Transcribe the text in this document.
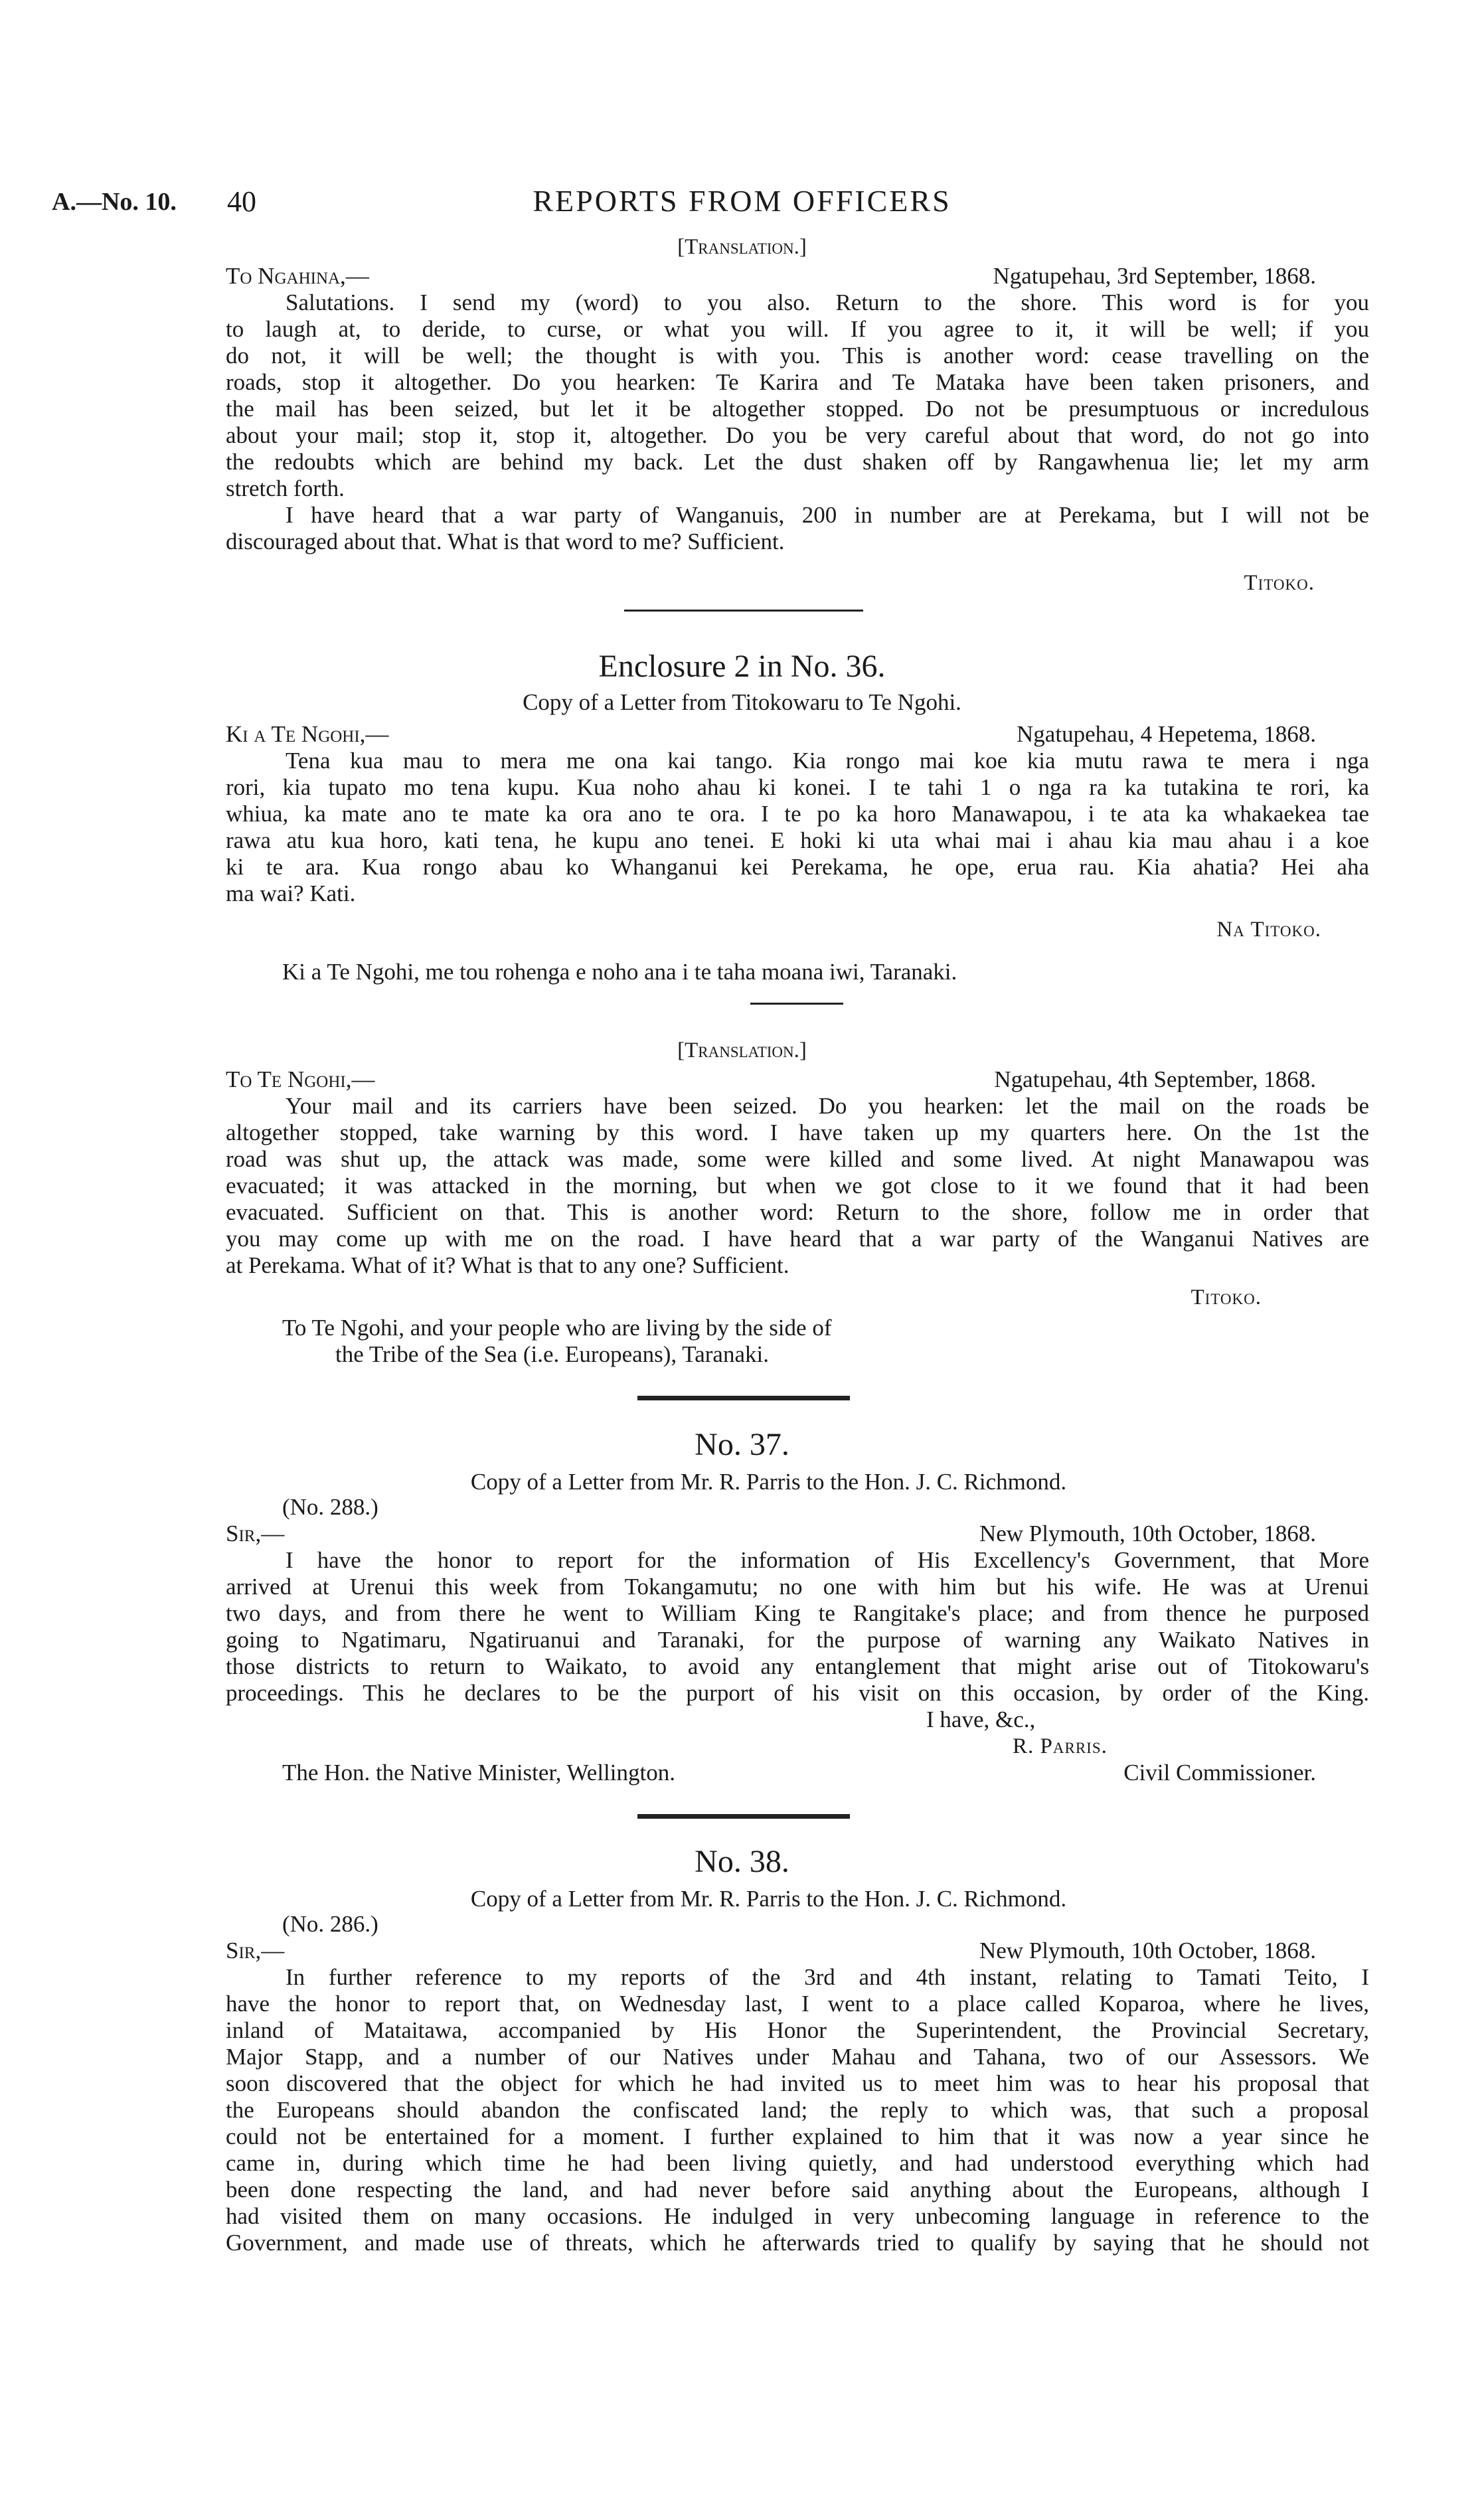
A.—No. 10. 40	REPORTS FROM OFFICERS
[Translation.]
To Ngahina,—	Ngatupehau, 3rd September, 1868.
Salutations. I send my (word) to you also. Return to the shore. This word is for you
to laugh at, to deride, to curse, or what you will. If you agree to it, it will be well; if you
do not, it will be well; the thought is with you. This is another word: cease travelling on the
roads, stop it altogether. Do you hearken: Te Karira and Te Mataka have been taken prisoners, and
the mail has been seized, but let it be altogether stopped. Do not be presumptuous or incredulous
about your mail; stop it, stop it, altogether. Do you be very careful about that word, do not go into
the redoubts which are behind my back. Let the dust shaken off by Rangawhenua lie; let my arm
stretch forth.
I have heard that a war party of Wanganuis, 200 in number are at Perekama, but I will not be
discouraged about that. What is that word to me? Sufficient.
Titoko.
Enclosure 2 in No. 36.
Copy of a Letter from Titokowaru to Te Ngohi.
Ki a Te Ngohi,—	Ngatupehau, 4 Hepetema, 1868.
Tena kua mau to mera me ona kai tango. Kia rongo mai koe kia mutu rawa te mera i nga
rori, kia tupato mo tena kupu. Kua noho ahau ki konei. I te tahi 1 o nga ra ka tutakina te rori, ka
whiua, ka mate ano te mate ka ora ano te ora. I te po ka horo Manawapou, i te ata ka whakaekea tae
rawa atu kua horo, kati tena, he kupu ano tenei. E hoki ki uta whai mai i ahau kia mau ahau i a koe
ki te ara. Kua rongo abau ko Whanganui kei Perekama, he ope, erua rau. Kia ahatia? Hei aha
ma wai? Kati.
Na Titoko.
Ki a Te Ngohi, me tou rohenga e noho ana i te taha moana iwi, Taranaki.
[Translation.]
To Te Ngohi,—	Ngatupehau, 4th September, 1868.
Your mail and its carriers have been seized. Do you hearken: let the mail on the roads be
altogether stopped, take warning by this word. I have taken up my quarters here. On the 1st the
road was shut up, the attack was made, some were killed and some lived. At night Manawapou was
evacuated; it was attacked in the morning, but when we got close to it we found that it had been
evacuated. Sufficient on that. This is another word: Return to the shore, follow me in order that
you may come up with me on the road. I have heard that a war party of the Wanganui Natives are
at Perekama. What of it? What is that to any one? Sufficient.
Titoko.
To Te Ngohi, and your people who are living by the side of
the Tribe of the Sea (i.e. Europeans), Taranaki.
No. 37.
Copy of a Letter from Mr. R. Parris to the Hon. J. C. Richmond.
(No. 288.)
Sir,—	New Plymouth, 10th October, 1868.
I have the honor to report for the information of His Excellency's Government, that More
arrived at Urenui this week from Tokangamutu; no one with him but his wife. He was at Urenui
two days, and from there he went to William King te Rangitake's place; and from thence he purposed
going to Ngatimaru, Ngatiruanui and Taranaki, for the purpose of warning any Waikato Natives in
those districts to return to Waikato, to avoid any entanglement that might arise out of Titokowaru's
proceedings. This he declares to be the purport of his visit on this occasion, by order of the King.
I have, &c.,
R. Parris.
The Hon. the Native Minister, Wellington.	Civil Commissioner.
No. 38.
Copy of a Letter from Mr. R. Parris to the Hon. J. C. Richmond.
(No. 286.)
Sir,—	New Plymouth, 10th October, 1868.
In further reference to my reports of the 3rd and 4th instant, relating to Tamati Teito, I
have the honor to report that, on Wednesday last, I went to a place called Koparoa, where he lives,
inland of Mataitawa, accompanied by His Honor the Superintendent, the Provincial Secretary,
Major Stapp, and a number of our Natives under Mahau and Tahana, two of our Assessors. We
soon discovered that the object for which he had invited us to meet him was to hear his proposal that
the Europeans should abandon the confiscated land; the reply to which was, that such a proposal
could not be entertained for a moment. I further explained to him that it was now a year since he
came in, during which time he had been living quietly, and had understood everything which had
been done respecting the land, and had never before said anything about the Europeans, although I
had visited them on many occasions. He indulged in very unbecoming language in reference to the
Government, and made use of threats, which he afterwards tried to qualify by saying that he should not
